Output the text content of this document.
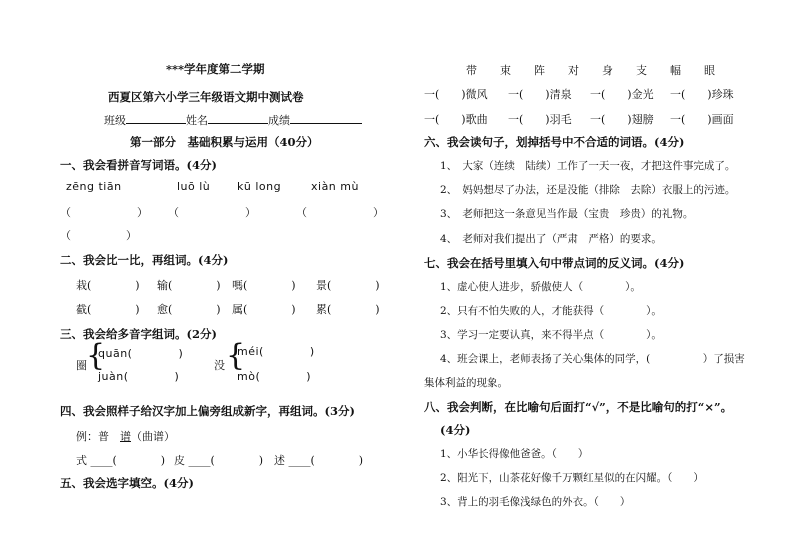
***学年度第二学期
西夏区第六小学三年级语文期中测试卷
班级	姓名	成绩
第一部分　基础积累与运用（40分）
一、我会看拼音写词语。(4分)
zēng tiān	luō lù kū long	xiàn mù
（　　　　　　） （　　　　　　）	（　　　　　　）
（　　　　　）
二、我会比一比，再组词。(4分)
栽(　　　　) 输(　　　　) 嗎(　　　　) 景(　　　　)
截(　　　　) 愈(　　　　) 属(　　　　) 累(　　　　)
三、我会给多音字组词。(2分)
圈 {
quān(　　　　)
juàn(　　　　)
没 {
méi(　　　　)
mò(　　　　)
四、我会照样子给汉字加上偏旁组成新字，再组词。(3分)
例：普　谱（曲谱）
式 ____(　　　　) 皮 ____(　　　　) 述 ____(　　　　)
五、我会选字填空。(4分)
带　束　阵　对　身　支　幅　眼
一(　　)微风 一(　　)清泉 一(　　)金光 一(　　)珍珠
一(　　)歌曲 一(　　)羽毛 一(　　)翅膀 一(　　)画面
六、我会读句子，划掉括号中不合适的词语。(4分)
1、　大家（连续　陆续）工作了一天一夜，才把这件事完成了。
2、　妈妈想尽了办法，还是没能（排除　去除）衣服上的污迹。
3、　老师把这一条意见当作最（宝贵　珍贵）的礼物。
4、　老师对我们提出了（严肃　严格）的要求。
七、我会在括号里填入句中带点词的反义词。(4分)
1、虚心使人进步，骄傲使人（　　　　）。
2、只有不怕失败的人，才能获得（　　　　）。
3、学习一定要认真，来不得半点（　　　　）。
4、班会课上，老师表扬了关心集体的同学，(　　　　　）了损害
集体利益的现象。
八、我会判断，在比喻句后面打“√”，不是比喻句的打“×”。
(4分)
1、小华长得像他爸爸。（　　）
2、阳光下，山茶花好像千万颗红星似的在闪耀。（　　）
3、背上的羽毛像浅绿色的外衣。（　　）
